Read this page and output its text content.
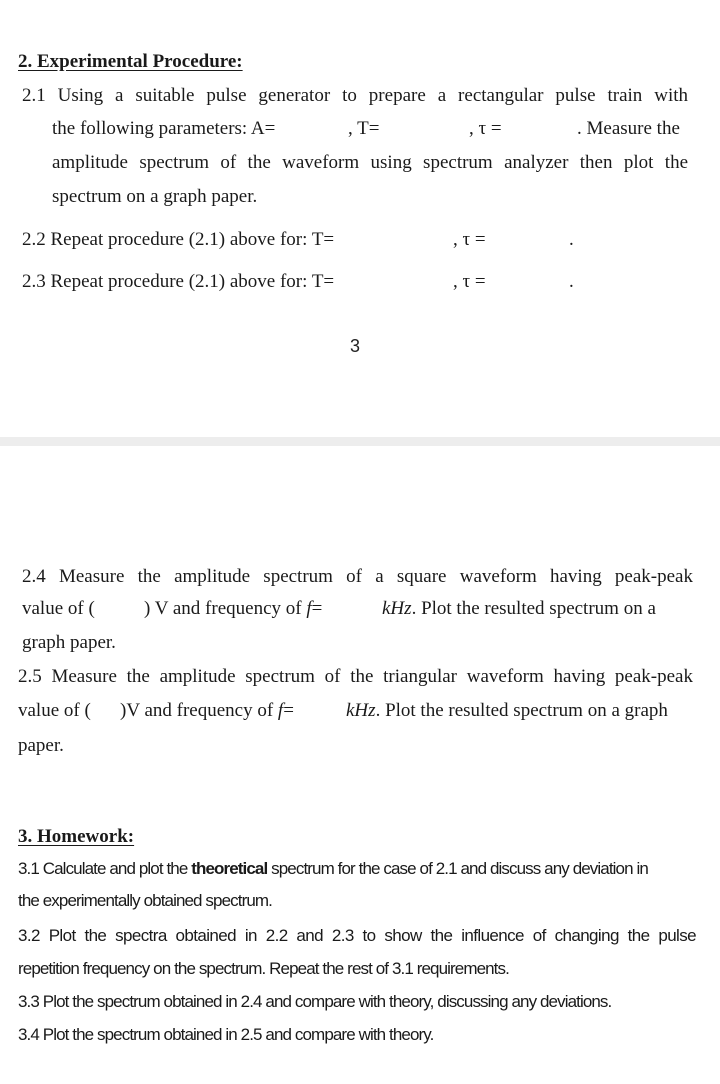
2. Experimental Procedure:
2.1 Using a suitable pulse generator to prepare a rectangular pulse train with
the following parameters: A=	, T=	, τ =	. Measure the
amplitude spectrum of the waveform using spectrum analyzer then plot the
spectrum on a graph paper.
2.2 Repeat procedure (2.1) above for: T=	, τ =	.
2.3 Repeat procedure (2.1) above for: T=	, τ =	.
3
2.4 Measure the amplitude spectrum of a square waveform having peak-peak
value of (	) V and frequency of f=	kHz. Plot the resulted spectrum on a
graph paper.
2.5 Measure the amplitude spectrum of the triangular waveform having peak-peak
value of ( )V and frequency of f=	kHz. Plot the resulted spectrum on a graph
paper.
3. Homework:
3.1 Calculate and plot the theoretical spectrum for the case of 2.1 and discuss any deviation in
the experimentally obtained spectrum.
3.2 Plot the spectra obtained in 2.2 and 2.3 to show the influence of changing the pulse
repetition frequency on the spectrum. Repeat the rest of 3.1 requirements.
3.3 Plot the spectrum obtained in 2.4 and compare with theory, discussing any deviations.
3.4 Plot the spectrum obtained in 2.5 and compare with theory.
